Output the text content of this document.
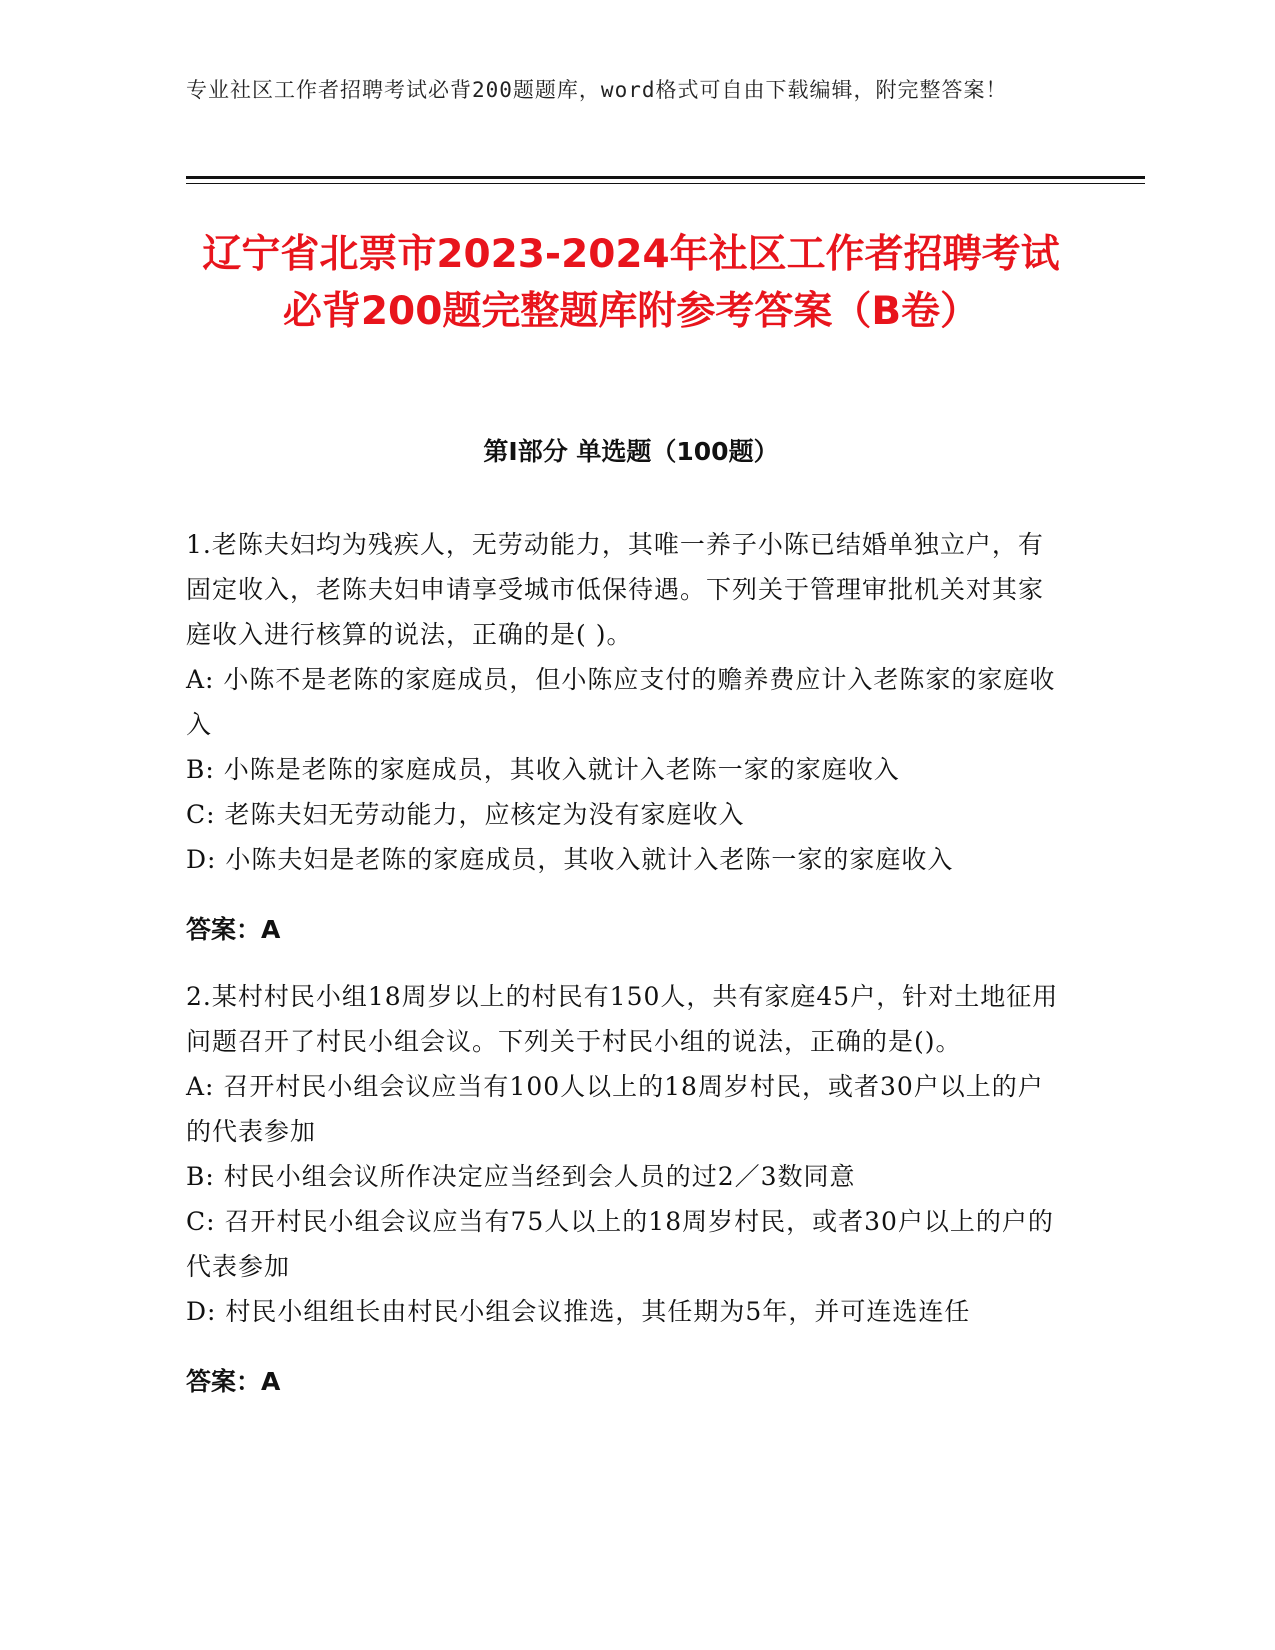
专业社区工作者招聘考试必背200题题库，word格式可自由下载编辑，附完整答案！
辽宁省北票市2023-2024年社区工作者招聘考试必背200题完整题库附参考答案（B卷）
第I部分 单选题（100题）

1.老陈夫妇均为残疾人，无劳动能力，其唯一养子小陈已结婚单独立户，有固定收入，老陈夫妇申请享受城市低保待遇。下列关于管理审批机关对其家庭收入进行核算的说法，正确的是( )。

A: 小陈不是老陈的家庭成员，但小陈应支付的赡养费应计入老陈家的家庭收入

B: 小陈是老陈的家庭成员，其收入就计入老陈一家的家庭收入

C: 老陈夫妇无劳动能力，应核定为没有家庭收入

D: 小陈夫妇是老陈的家庭成员，其收入就计入老陈一家的家庭收入

答案：A

2.某村村民小组18周岁以上的村民有150人，共有家庭45户，针对土地征用问题召开了村民小组会议。下列关于村民小组的说法，正确的是()。

A: 召开村民小组会议应当有100人以上的18周岁村民，或者30户以上的户的代表参加

B: 村民小组会议所作决定应当经到会人员的过2／3数同意

C: 召开村民小组会议应当有75人以上的18周岁村民，或者30户以上的户的代表参加

D: 村民小组组长由村民小组会议推选，其任期为5年，并可连选连任

答案：A
